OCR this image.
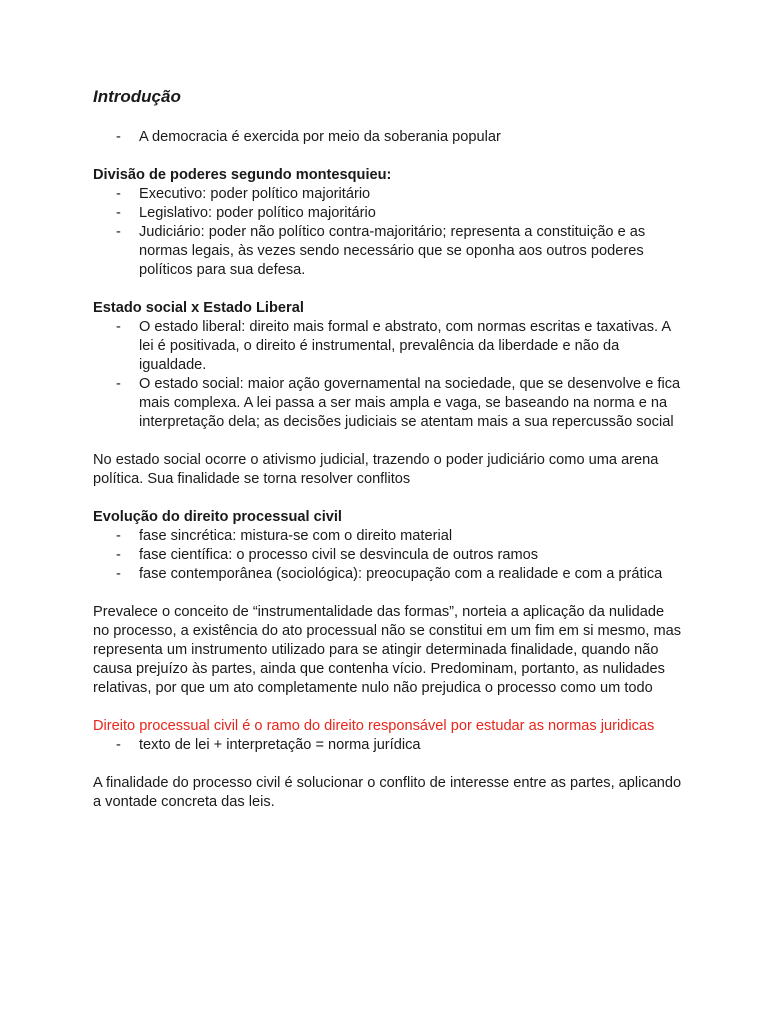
Introdução
- A democracia é exercida por meio da soberania popular

Divisão de poderes segundo montesquieu:

- Executivo: poder político majoritário
- Legislativo: poder político majoritário
- Judiciário: poder não político contra-majoritário; representa a constituição e as normas legais, às vezes sendo necessário que se oponha aos outros poderes políticos para sua defesa.

Estado social x Estado Liberal

- O estado liberal: direito mais formal e abstrato, com normas escritas e taxativas. A lei é positivada, o direito é instrumental, prevalência da liberdade e não da igualdade.
- O estado social: maior ação governamental na sociedade, que se desenvolve e fica mais complexa. A lei passa a ser mais ampla e vaga, se baseando na norma e na interpretação dela; as decisões judiciais se atentam mais a sua repercussão social

No estado social ocorre o ativismo judicial, trazendo o poder judiciário como uma arena política. Sua finalidade se torna resolver conflitos

Evolução do direito processual civil

- fase sincrética: mistura-se com o direito material
- fase científica: o processo civil se desvincula de outros ramos
- fase contemporânea (sociológica): preocupação com a realidade e com a prática

Prevalece o conceito de “instrumentalidade das formas”, norteia a aplicação da nulidade no processo, a existência do ato processual não se constitui em um fim em si mesmo, mas representa um instrumento utilizado para se atingir determinada finalidade, quando não causa prejuízo às partes, ainda que contenha vício. Predominam, portanto, as nulidades relativas, por que um ato completamente nulo não prejudica o processo como um todo

Direito processual civil é o ramo do direito responsável por estudar as normas juridicas

- texto de lei + interpretação = norma jurídica

A finalidade do processo civil é solucionar o conflito de interesse entre as partes, aplicando a vontade concreta das leis.
